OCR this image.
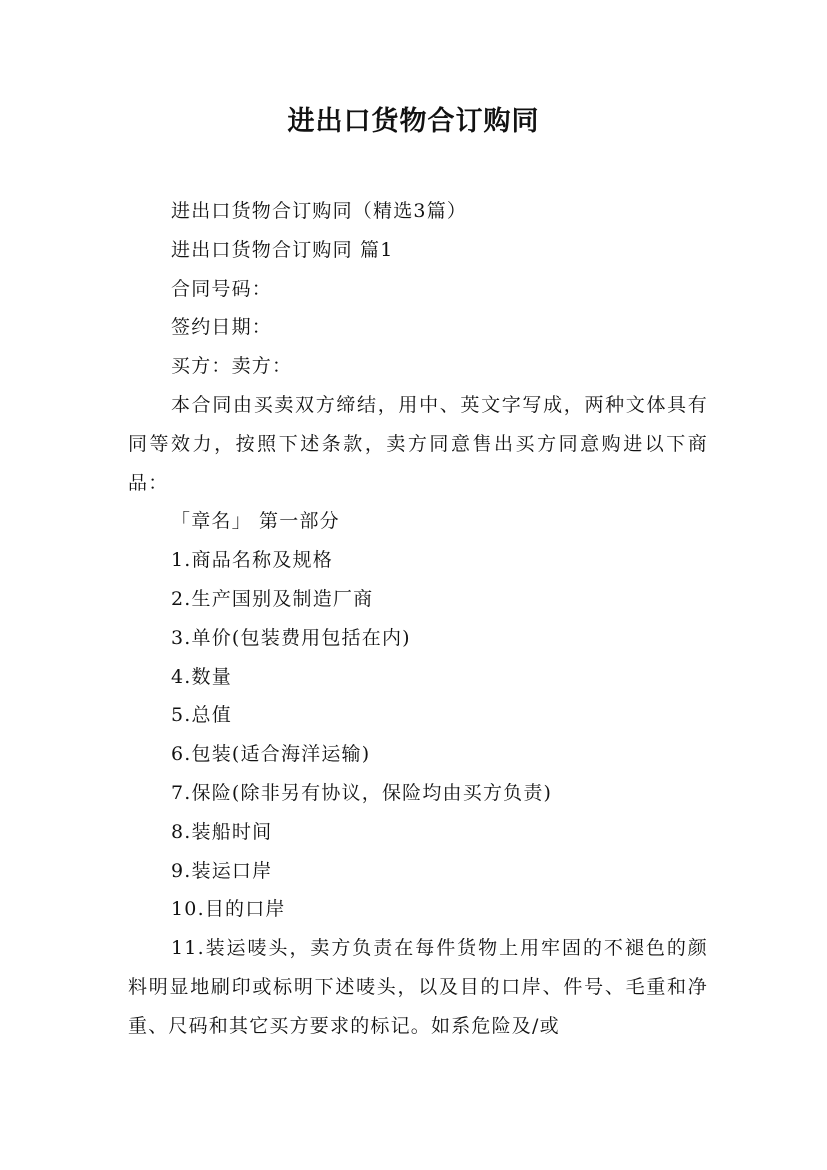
进出口货物合订购同

进出口货物合订购同（精选3篇）

进出口货物合订购同 篇1

合同号码：

签约日期：

买方：卖方：

本合同由买卖双方缔结，用中、英文字写成，两种文体具有同等效力，按照下述条款，卖方同意售出买方同意购进以下商品：

「章名」 第一部分

1.商品名称及规格

2.生产国别及制造厂商

3.单价(包装费用包括在内)

4.数量

5.总值

6.包装(适合海洋运输)

7.保险(除非另有协议，保险均由买方负责)

8.装船时间

9.装运口岸

10.目的口岸

11.装运唛头，卖方负责在每件货物上用牢固的不褪色的颜料明显地刷印或标明下述唛头，以及目的口岸、件号、毛重和净重、尺码和其它买方要求的标记。如系危险及/或
